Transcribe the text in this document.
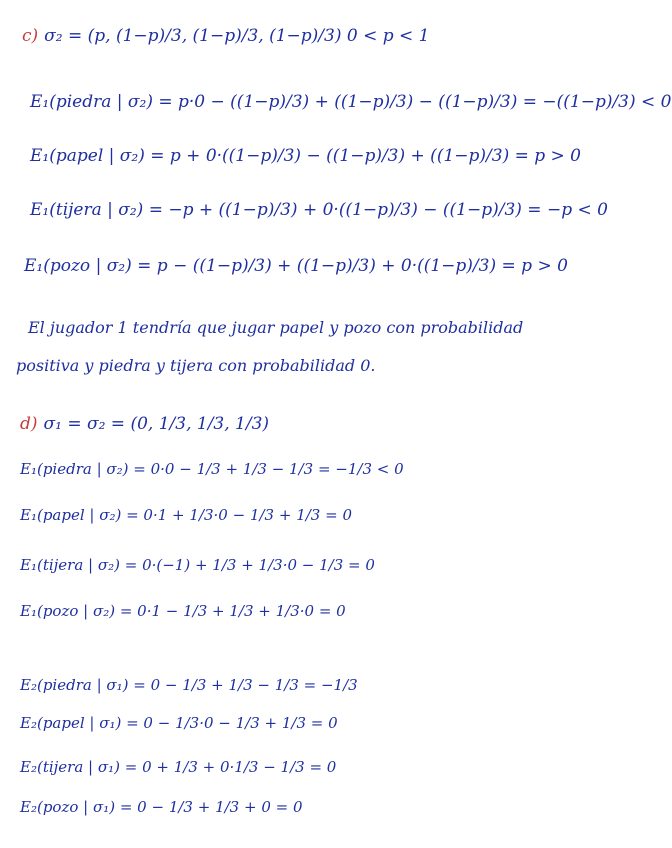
c) σ₂ = (p, (1−p)/3, (1−p)/3, (1−p)/3) 0 < p < 1
E₁(piedra | σ₂) = p·0 − ((1−p)/3) + ((1−p)/3) − ((1−p)/3) = −((1−p)/3) < 0
E₁(papel | σ₂) = p + 0·((1−p)/3) − ((1−p)/3) + ((1−p)/3) = p > 0
E₁(tijera | σ₂) = −p + ((1−p)/3) + 0·((1−p)/3) − ((1−p)/3) = −p < 0
E₁(pozo | σ₂) = p − ((1−p)/3) + ((1−p)/3) + 0·((1−p)/3) = p > 0
El jugador 1 tendría que jugar papel y pozo con probabilidad
positiva y piedra y tijera con probabilidad 0.
d) σ₁ = σ₂ = (0, 1/3, 1/3, 1/3)
E₁(piedra | σ₂) = 0·0 − 1/3 + 1/3 − 1/3 = −1/3 < 0
E₁(papel | σ₂) = 0·1 + 1/3·0 − 1/3 + 1/3 = 0
E₁(tijera | σ₂) = 0·(−1) + 1/3 + 1/3·0 − 1/3 = 0
E₁(pozo | σ₂) = 0·1 − 1/3 + 1/3 + 1/3·0 = 0
E₂(piedra | σ₁) = 0 − 1/3 + 1/3 − 1/3 = −1/3
E₂(papel | σ₁) = 0 − 1/3·0 − 1/3 + 1/3 = 0
E₂(tijera | σ₁) = 0 + 1/3 + 0·1/3 − 1/3 = 0
E₂(pozo | σ₁) = 0 − 1/3 + 1/3 + 0 = 0
